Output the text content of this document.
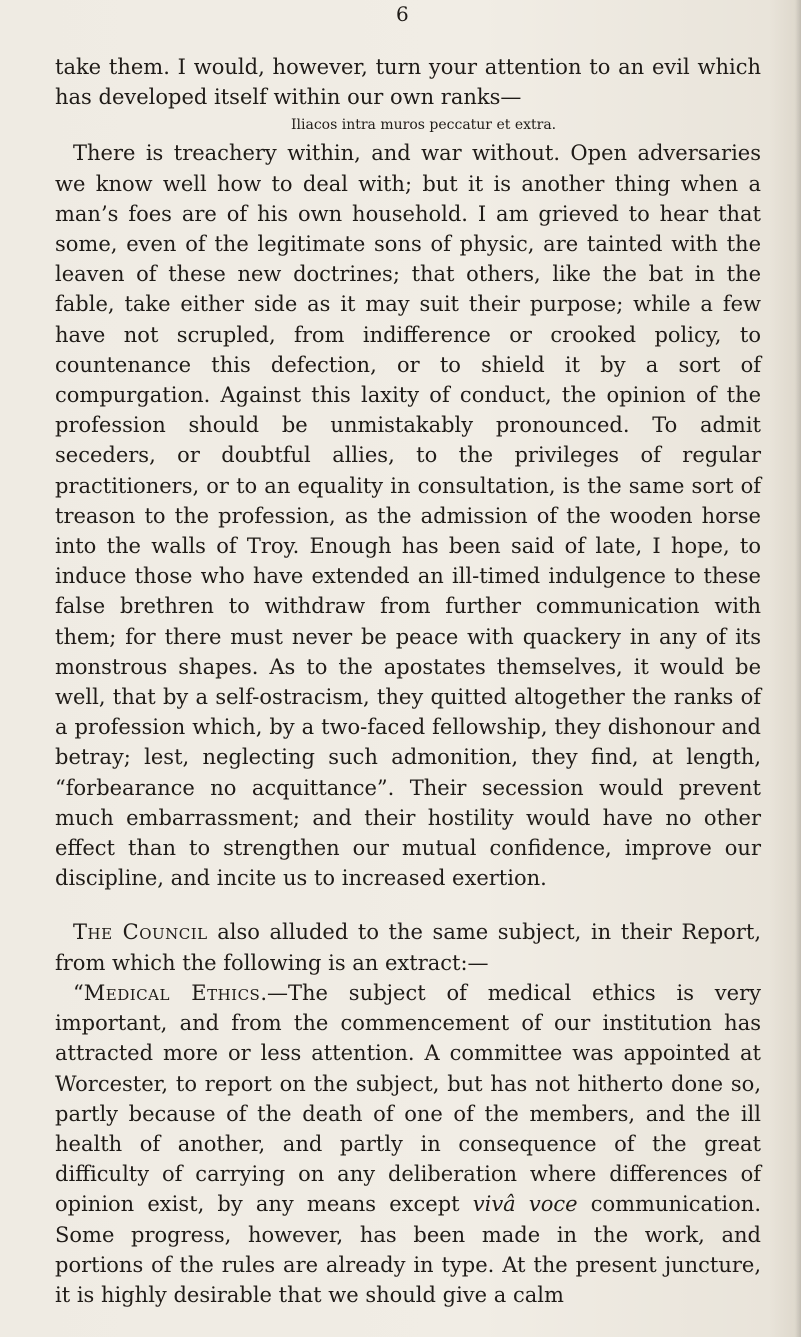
6

take them. I would, however, turn your attention to an evil which has developed itself within our own ranks—

Iliacos intra muros peccatur et extra.

There is treachery within, and war without. Open adversaries we know well how to deal with; but it is another thing when a man’s foes are of his own household. I am grieved to hear that some, even of the legitimate sons of physic, are tainted with the leaven of these new doctrines; that others, like the bat in the fable, take either side as it may suit their purpose; while a few have not scrupled, from indifference or crooked policy, to countenance this defection, or to shield it by a sort of compurgation. Against this laxity of conduct, the opinion of the profession should be unmistakably pronounced. To admit seceders, or doubtful allies, to the privileges of regular practitioners, or to an equality in consultation, is the same sort of treason to the profession, as the admission of the wooden horse into the walls of Troy. Enough has been said of late, I hope, to induce those who have extended an ill-timed indulgence to these false brethren to withdraw from further communication with them; for there must never be peace with quackery in any of its monstrous shapes. As to the apostates themselves, it would be well, that by a self-ostracism, they quitted altogether the ranks of a profession which, by a two-faced fellowship, they dishonour and betray; lest, neglecting such admonition, they find, at length, “forbearance no acquittance”. Their secession would prevent much embarrassment; and their hostility would have no other effect than to strengthen our mutual confidence, improve our discipline, and incite us to increased exertion.

The Council also alluded to the same subject, in their Report, from which the following is an extract:—

“Medical Ethics.—The subject of medical ethics is very important, and from the commencement of our institution has attracted more or less attention. A committee was appointed at Worcester, to report on the subject, but has not hitherto done so, partly because of the death of one of the members, and the ill health of another, and partly in consequence of the great difficulty of carrying on any deliberation where differences of opinion exist, by any means except vivâ voce communication. Some progress, however, has been made in the work, and portions of the rules are already in type. At the present juncture, it is highly desirable that we should give a calm
